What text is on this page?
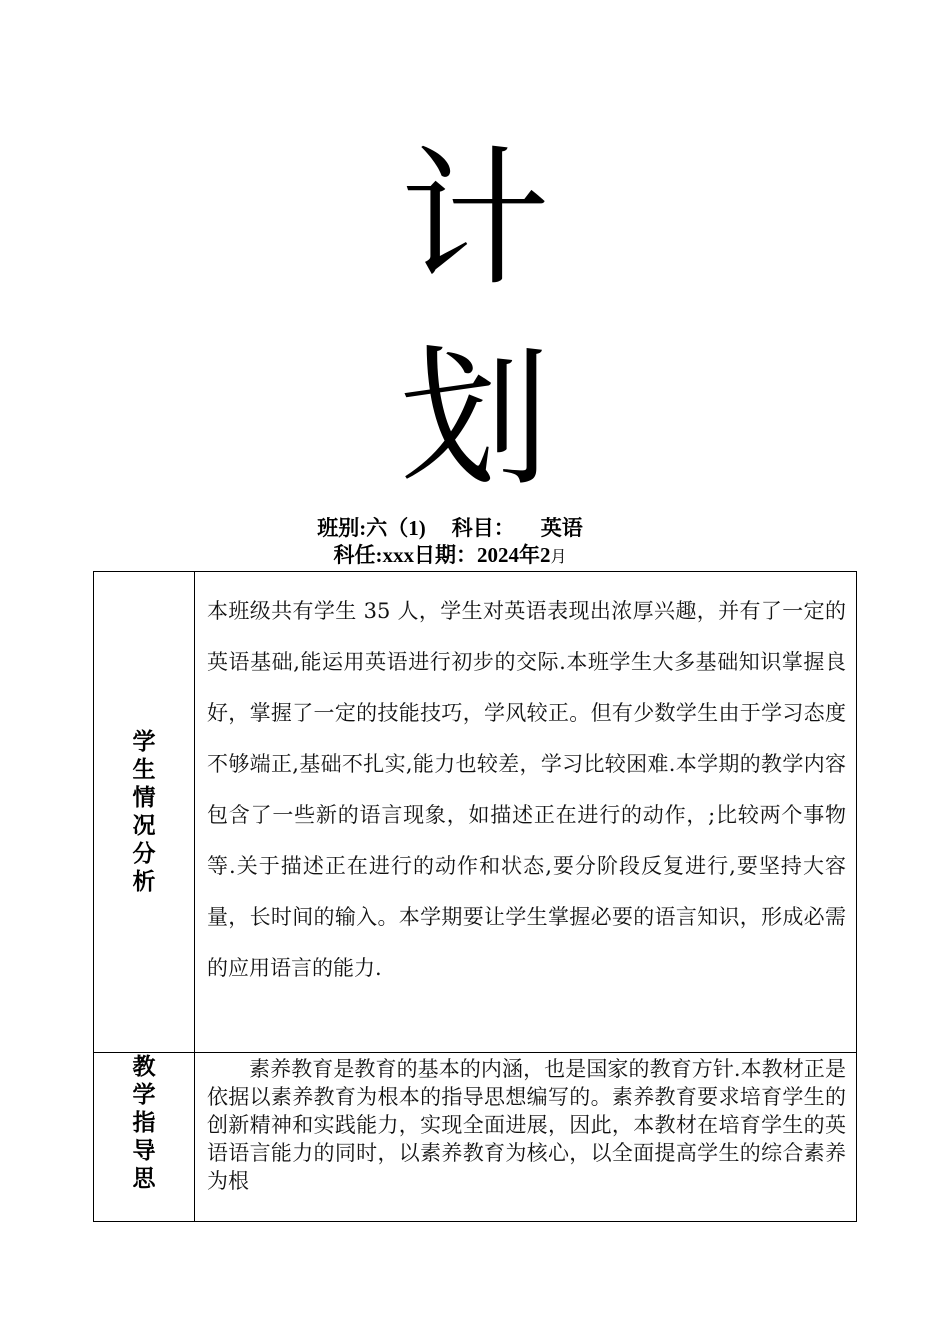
计
划
班别:六（1) 科目： 英语
科任:xxx日期：2024年2月
学生情况分析	本班级共有学生 35 人，学生对英语表现出浓厚兴趣，并有了一定的英语基础,能运用英语进行初步的交际.本班学生大多基础知识掌握良好，掌握了一定的技能技巧，学风较正。但有少数学生由于学习态度不够端正,基础不扎实,能力也较差，学习比较困难.本学期的教学内容包含了一些新的语言现象，如描述正在进行的动作，;比较两个事物等.关于描述正在进行的动作和状态,要分阶段反复进行,要坚持大容量，长时间的输入。本学期要让学生掌握必要的语言知识，形成必需的应用语言的能力.

教学指导思	素养教育是教育的基本的内涵，也是国家的教育方针.本教材正是依据以素养教育为根本的指导思想编写的。素养教育要求培育学生的创新精神和实践能力，实现全面进展，因此，本教材在培育学生的英语语言能力的同时，以素养教育为核心，以全面提高学生的综合素养为根
